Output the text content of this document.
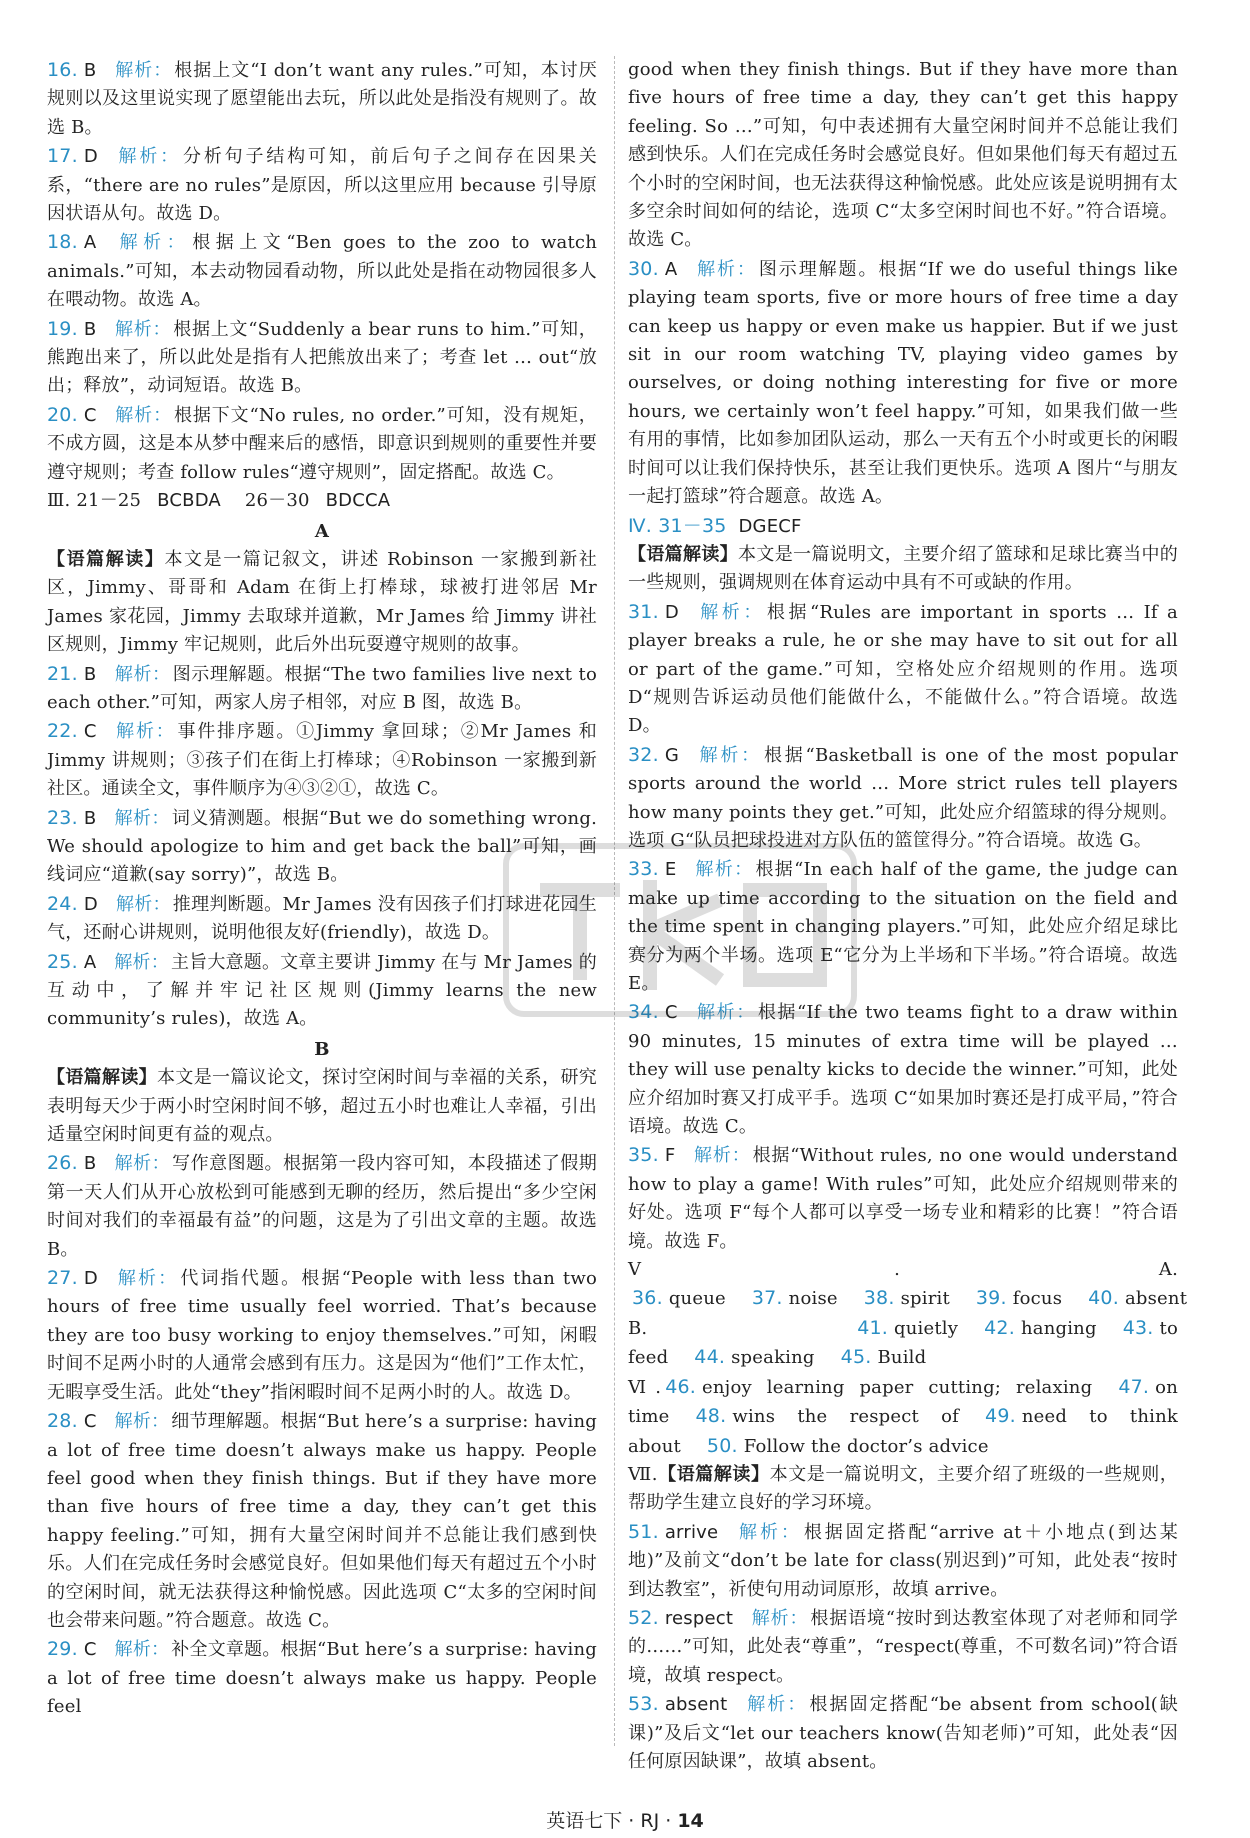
16. B 解析： 根据上文“I don’t want any rules.”可知，本讨厌规则以及这里说实现了愿望能出去玩，所以此处是指没有规则了。故选 B。

17. D 解析： 分析句子结构可知，前后句子之间存在因果关系，“there are no rules”是原因，所以这里应用 because 引导原因状语从句。故选 D。

18. A 解析： 根据上文“Ben goes to the zoo to watch animals.”可知，本去动物园看动物，所以此处是指在动物园很多人在喂动物。故选 A。

19. B 解析： 根据上文“Suddenly a bear runs to him.”可知，熊跑出来了，所以此处是指有人把熊放出来了；考查 let … out“放出；释放”，动词短语。故选 B。

20. C 解析： 根据下文“No rules, no order.”可知，没有规矩，不成方圆，这是本从梦中醒来后的感悟，即意识到规则的重要性并要遵守规则；考查 follow rules“遵守规则”，固定搭配。故选 C。

Ⅲ. 21－25 BCBDA 26－30 BDCCA

A

【语篇解读】本文是一篇记叙文，讲述 Robinson 一家搬到新社区，Jimmy、哥哥和 Adam 在街上打棒球，球被打进邻居 Mr James 家花园，Jimmy 去取球并道歉，Mr James 给 Jimmy 讲社区规则，Jimmy 牢记规则，此后外出玩耍遵守规则的故事。

21. B 解析： 图示理解题。根据“The two families live next to each other.”可知，两家人房子相邻，对应 B 图，故选 B。

22. C 解析： 事件排序题。①Jimmy 拿回球；②Mr James 和 Jimmy 讲规则；③孩子们在街上打棒球；④Robinson 一家搬到新社区。通读全文，事件顺序为④③②①，故选 C。

23. B 解析： 词义猜测题。根据“But we do something wrong. We should apologize to him and get back the ball”可知，画线词应“道歉(say sorry)”，故选 B。

24. D 解析： 推理判断题。Mr James 没有因孩子们打球进花园生气，还耐心讲规则，说明他很友好(friendly)，故选 D。

25. A 解析： 主旨大意题。文章主要讲 Jimmy 在与 Mr James 的互动中，了解并牢记社区规则(Jimmy learns the new community’s rules)，故选 A。

B

【语篇解读】本文是一篇议论文，探讨空闲时间与幸福的关系，研究表明每天少于两小时空闲时间不够，超过五小时也难让人幸福，引出适量空闲时间更有益的观点。

26. B 解析： 写作意图题。根据第一段内容可知，本段描述了假期第一天人们从开心放松到可能感到无聊的经历，然后提出“多少空闲时间对我们的幸福最有益”的问题，这是为了引出文章的主题。故选 B。

27. D 解析： 代词指代题。根据“People with less than two hours of free time usually feel worried. That’s because they are too busy working to enjoy themselves.”可知，闲暇时间不足两小时的人通常会感到有压力。这是因为“他们”工作太忙，无暇享受生活。此处“they”指闲暇时间不足两小时的人。故选 D。

28. C 解析： 细节理解题。根据“But here’s a surprise: having a lot of free time doesn’t always make us happy. People feel good when they finish things. But if they have more than five hours of free time a day, they can’t get this happy feeling.”可知，拥有大量空闲时间并不总能让我们感到快乐。人们在完成任务时会感觉良好。但如果他们每天有超过五个小时的空闲时间，就无法获得这种愉悦感。因此选项 C“太多的空闲时间也会带来问题。”符合题意。故选 C。

29. C 解析： 补全文章题。根据“But here’s a surprise: having a lot of free time doesn’t always make us happy. People feel

good when they finish things. But if they have more than five hours of free time a day, they can’t get this happy feeling. So …”可知，句中表述拥有大量空闲时间并不总能让我们感到快乐。人们在完成任务时会感觉良好。但如果他们每天有超过五个小时的空闲时间，也无法获得这种愉悦感。此处应该是说明拥有太多空余时间如何的结论，选项 C“太多空闲时间也不好。”符合语境。故选 C。

30. A 解析： 图示理解题。根据“If we do useful things like playing team sports, five or more hours of free time a day can keep us happy or even make us happier. But if we just sit in our room watching TV, playing video games by ourselves, or doing nothing interesting for five or more hours, we certainly won’t feel happy.”可知，如果我们做一些有用的事情，比如参加团队运动，那么一天有五个小时或更长的闲暇时间可以让我们保持快乐，甚至让我们更快乐。选项 A 图片“与朋友一起打篮球”符合题意。故选 A。

Ⅳ. 31－35 DGECF

【语篇解读】本文是一篇说明文，主要介绍了篮球和足球比赛当中的一些规则，强调规则在体育运动中具有不可或缺的作用。

31. D 解析： 根据“Rules are important in sports … If a player breaks a rule, he or she may have to sit out for all or part of the game.”可知，空格处应介绍规则的作用。选项 D“规则告诉运动员他们能做什么，不能做什么。”符合语境。故选 D。

32. G 解析： 根据“Basketball is one of the most popular sports around the world … More strict rules tell players how many points they get.”可知，此处应介绍篮球的得分规则。选项 G“队员把球投进对方队伍的篮筐得分。”符合语境。故选 G。

33. E 解析： 根据“In each half of the game, the judge can make up time according to the situation on the field and the time spent in changing players.”可知，此处应介绍足球比赛分为两个半场。选项 E“它分为上半场和下半场。”符合语境。故选 E。

34. C 解析： 根据“If the two teams fight to a draw within 90 minutes, 15 minutes of extra time will be played … they will use penalty kicks to decide the winner.”可知，此处应介绍加时赛又打成平手。选项 C“如果加时赛还是打成平局，”符合语境。故选 C。

35. F 解析： 根据“Without rules, no one would understand how to play a game! With rules”可知，此处应介绍规则带来的好处。选项 F“每个人都可以享受一场专业和精彩的比赛！”符合语境。故选 F。

Ⅴ. A. 36. queue 37. noise 38. spirit 39. focus 40. absent

B.	41. quietly 42. hanging 43. to feed 44. speaking 45. Build

Ⅵ. 46. enjoy learning paper cutting; relaxing 47. on time 48. wins the respect of 49. need to think about 50. Follow the doctor’s advice

Ⅶ.【语篇解读】本文是一篇说明文，主要介绍了班级的一些规则，帮助学生建立良好的学习环境。

51. arrive 解析： 根据固定搭配“arrive at＋小地点(到达某地)”及前文“don’t be late for class(别迟到)”可知，此处表“按时到达教室”，祈使句用动词原形，故填 arrive。

52. respect 解析： 根据语境“按时到达教室体现了对老师和同学的……”可知，此处表“尊重”，“respect(尊重，不可数名词)”符合语境，故填 respect。

53. absent 解析： 根据固定搭配“be absent from school(缺课)”及后文“let our teachers know(告知老师)”可知，此处表“因任何原因缺课”，故填 absent。

英语七下 · RJ · 14
